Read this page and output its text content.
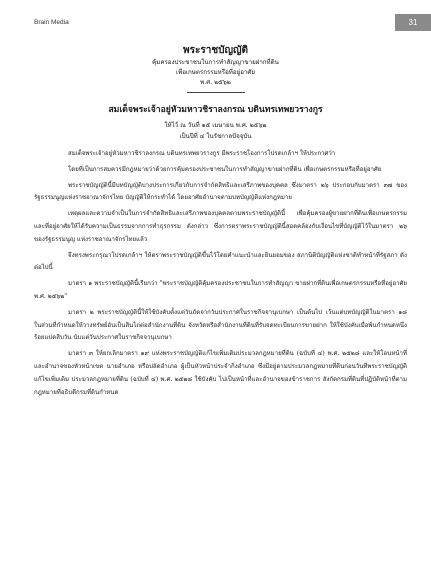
Brain Media	31
พระราชบัญญัติ
คุ้มครองประชาชนในการทำสัญญาขายฝากที่ดิน
เพื่อเกษตรกรรมหรือที่อยู่อาศัย
พ.ศ. ๒๕๖๒
สมเด็จพระเจ้าอยู่หัวมหาวชิราลงกรณ บดินทรเทพยวรางกูร
ให้ไว้ ณ วันที่ ๑๕ เมษายน พ.ศ. ๒๕๖๒
เป็นปีที่ ๔ ในรัชกาลปัจจุบัน

สมเด็จพระเจ้าอยู่หัวมหาวชิราลงกรณ บดินทรเทพยวรางกูร มีพระราชโองการโปรดเกล้าฯ ให้ประกาศว่า

โดยที่เป็นการสมควรมีกฎหมายว่าด้วยการคุ้มครองประชาชนในการทำสัญญาขายฝากที่ดิน เพื่อเกษตรกรรมหรือที่อยู่อาศัย

พระราชบัญญัตินี้มีบทบัญญัติบางประการเกี่ยวกับการจำกัดสิทธิและเสรีภาพของบุคคล ซึ่งมาตรา ๒๖ ประกอบกับมาตรา ๓๗ ของรัฐธรรมนูญแห่งราชอาณาจักรไทย บัญญัติให้กระทำได้ โดยอาศัยอำนาจตามบทบัญญัติแห่งกฎหมาย

เหตุผลและความจำเป็นในการจำกัดสิทธิและเสรีภาพของบุคคลตามพระราชบัญญัตินี้ เพื่อคุ้มครองผู้ขายฝากที่ดินเพื่อเกษตรกรรมและที่อยู่อาศัยให้ได้รับความเป็นธรรมจากการทำธุรกรรม ดังกล่าว ซึ่งการตราพระราชบัญญัตินี้สอดคล้องกับเงื่อนไขที่บัญญัติไว้ในมาตรา ๒๖ ของรัฐธรรมนูญ แห่งราชอาณาจักรไทยแล้ว

จึงทรงพระกรุณาโปรดเกล้าฯ ให้ตราพระราชบัญญัติขึ้นไว้โดยคำแนะนำและยินยอมของ สภานิติบัญญัติแห่งชาติทำหน้าที่รัฐสภา ดังต่อไปนี้

มาตรา ๑ พระราชบัญญัตินี้เรียกว่า "พระราชบัญญัติคุ้มครองประชาชนในการทำสัญญา ขายฝากที่ดินเพื่อเกษตรกรรมหรือที่อยู่อาศัย พ.ศ. ๒๕๖๒"

มาตรา ๒ พระราชบัญญัตินี้ให้ใช้บังคับตั้งแต่วันถัดจากวันประกาศในราชกิจจานุเบกษา เป็นต้นไป เว้นแต่บทบัญญัติในมาตรา ๑๘ ในส่วนที่กำหนดให้วางทรัพย์อันเป็นสินไถ่ต่อสำนักงานที่ดิน จังหวัดหรือสำนักงานที่ดินที่รับจดทะเบียนการขายฝาก ให้ใช้บังคับเมื่อพ้นกำหนดหนึ่งร้อยแปดสิบวัน นับแต่วันประกาศในราชกิจจานุเบกษา

มาตรา ๓ ให้ยกเลิกมาตรา ๑๙ แห่งพระราชบัญญัติแก้ไขเพิ่มเติมประมวลกฎหมายที่ดิน (ฉบับที่ ๔) พ.ศ. ๒๕๒๘ และให้โอนหน้าที่และอำนาจของหัวหน้าเขต นายอำเภอ หรือปลัดอำเภอ ผู้เป็นหัวหน้าประจำกิ่งอำเภอ ซึ่งมีอยู่ตามประมวลกฎหมายที่ดินก่อนวันที่พระราชบัญญัติแก้ไขเพิ่มเติม ประมวลกฎหมายที่ดิน (ฉบับที่ ๔) พ.ศ. ๒๕๒๘ ใช้บังคับ ไปเป็นหน้าที่และอำนาจของข้าราชการ สังกัดกรมที่ดินที่ปฏิบัติหน้าที่ตามกฎหมายที่อธิบดีกรมที่ดินกำหนด
